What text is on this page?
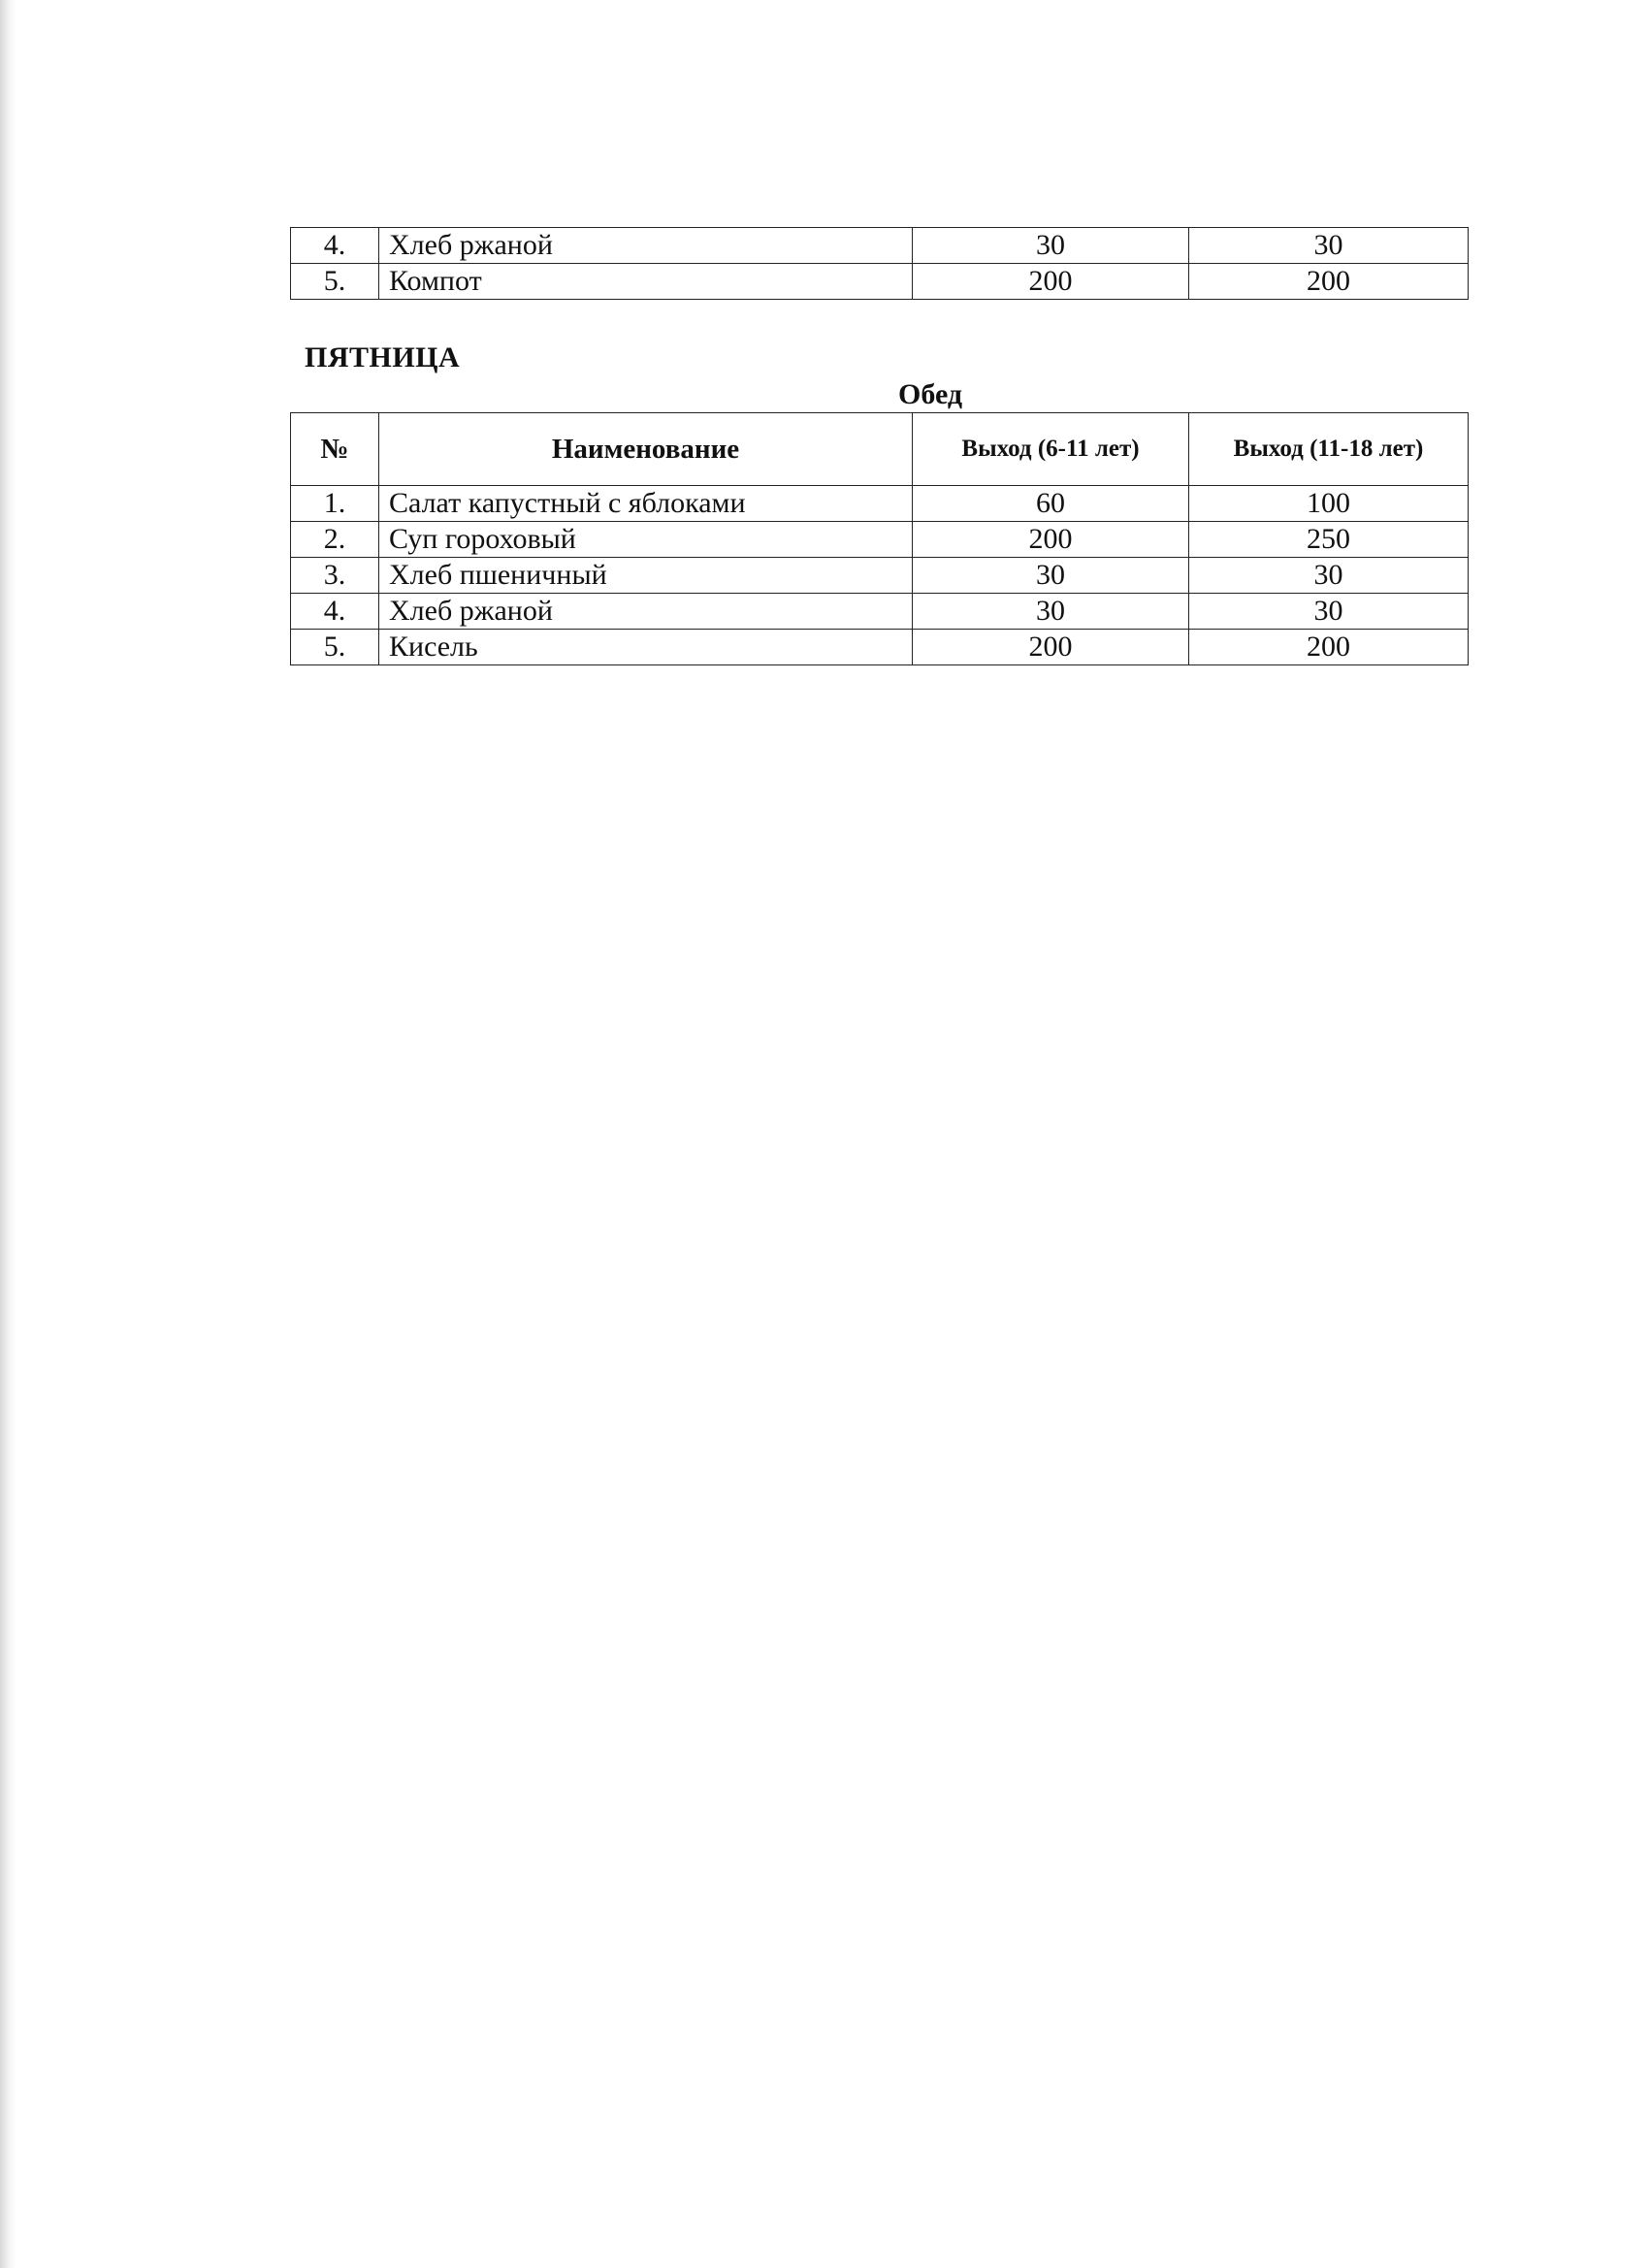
4.	Хлеб ржаной	30	30
5.	Компот	200	200
ПЯТНИЦА
Обед
№	Наименование	Выход (6-11 лет)	Выход (11-18 лет)
1.	Салат капустный с яблоками	60	100
2.	Суп гороховый	200	250
3.	Хлеб пшеничный	30	30
4.	Хлеб ржаной	30	30
5.	Кисель	200	200
